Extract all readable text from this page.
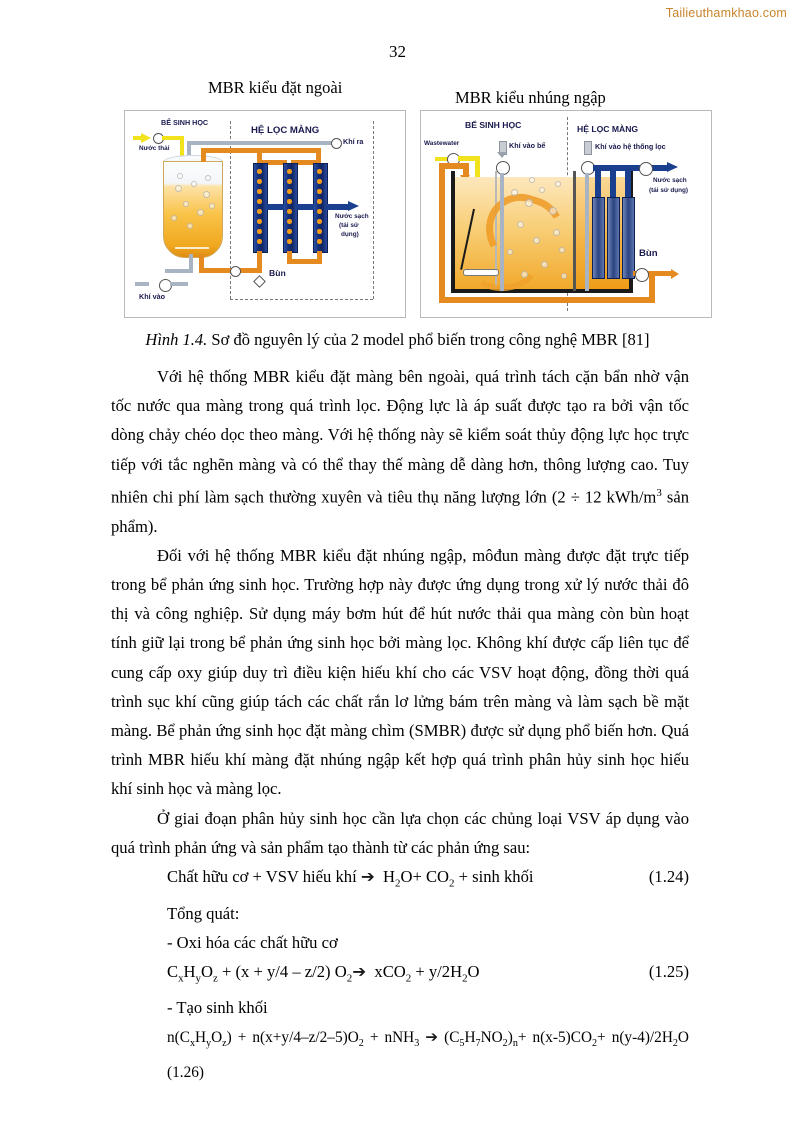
Tailieuthamkhao.com
32
MBR kiểu đặt ngoài
MBR kiểu nhúng ngập
BỂ SINH HỌC
HỆ LỌC MÀNG
Nước thải
Khí ra
Nước sạch
(tái sử
dụng)
Bùn
Khí vào
BỂ SINH HỌC	HỆ LỌC MÀNG
Wastewater	Khí vào bể	Khí vào hệ thống lọc
Nước sạch
(tái sử dụng)
Bùn
Hình 1.4. Sơ đồ nguyên lý của 2 model phổ biến trong công nghệ MBR [81]

Với hệ thống MBR kiểu đặt màng bên ngoài, quá trình tách cặn bẩn nhờ vận tốc nước qua màng trong quá trình lọc. Động lực là áp suất được tạo ra bởi vận tốc dòng chảy chéo dọc theo màng. Với hệ thống này sẽ kiểm soát thủy động lực học trực tiếp với tắc nghẽn màng và có thể thay thế màng dễ dàng hơn, thông lượng cao. Tuy nhiên chi phí làm sạch thường xuyên và tiêu thụ năng lượng lớn (2 ÷ 12 kWh/$m^3$ sản phẩm).

Đối với hệ thống MBR kiểu đặt nhúng ngập, môđun màng được đặt trực tiếp trong bể phản ứng sinh học. Trường hợp này được ứng dụng trong xử lý nước thải đô thị và công nghiệp. Sử dụng máy bơm hút để hút nước thải qua màng còn bùn hoạt tính giữ lại trong bể phản ứng sinh học bởi màng lọc. Không khí được cấp liên tục để cung cấp oxy giúp duy trì điều kiện hiếu khí cho các VSV hoạt động, đồng thời quá trình sục khí cũng giúp tách các chất rắn lơ lửng bám trên màng và làm sạch bề mặt màng. Bể phản ứng sinh học đặt màng chìm (SMBR) được sử dụng phổ biến hơn. Quá trình MBR hiếu khí màng đặt nhúng ngập kết hợp quá trình phân hủy sinh học hiếu khí sinh học và màng lọc.

Ở giai đoạn phân hủy sinh học cần lựa chọn các chủng loại VSV áp dụng vào quá trình phản ứng và sản phẩm tạo thành từ các phản ứng sau:

Chất hữu cơ + VSV hiếu khí ➔ $H_2O+ CO_2 + \sinh$ khối	(1.24)

Tổng quát:

- Oxi hóa các chất hữu cơ

$C_xH_yO_z + (x + y/4 - z/2)$ $O_2➔$  $xCO_2 + y/2H_2O$	(1.25)

- Tạo sinh khối

$n(C_xH_yO_z) + n(x+y/4-z/2-5)O_2 + nNH_3$ ➔ $(C_5H_7NO_2)_n+ n(x-5)CO_2+ n(y-4)/2H_2O$ (1.26)
